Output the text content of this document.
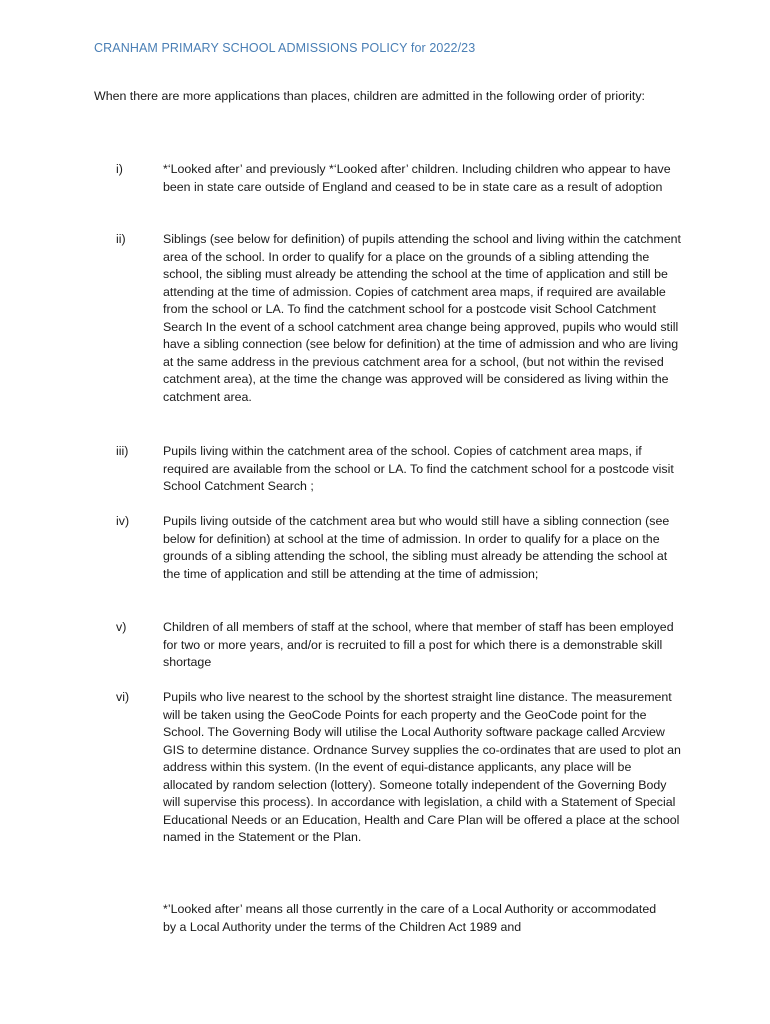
CRANHAM PRIMARY SCHOOL ADMISSIONS POLICY for 2022/23
When there are more applications than places, children are admitted in the following order of priority:
i)	*‘Looked after’ and previously *‘Looked after’ children. Including children who appear to have been in state care outside of England and ceased to be in state care as a result of adoption
ii)	Siblings (see below for definition) of pupils attending the school and living within the catchment area of the school. In order to qualify for a place on the grounds of a sibling attending the school, the sibling must already be attending the school at the time of application and still be attending at the time of admission. Copies of catchment area maps, if required are available from the school or LA. To find the catchment school for a postcode visit School Catchment Search In the event of a school catchment area change being approved, pupils who would still have a sibling connection (see below for definition) at the time of admission and who are living at the same address in the previous catchment area for a school, (but not within the revised catchment area), at the time the change was approved will be considered as living within the catchment area.
iii)	Pupils living within the catchment area of the school. Copies of catchment area maps, if required are available from the school or LA. To find the catchment school for a postcode visit School Catchment Search ;
iv)	Pupils living outside of the catchment area but who would still have a sibling connection (see below for definition) at school at the time of admission. In order to qualify for a place on the grounds of a sibling attending the school, the sibling must already be attending the school at the time of application and still be attending at the time of admission;
v)	Children of all members of staff at the school, where that member of staff has been employed for two or more years, and/or is recruited to fill a post for which there is a demonstrable skill shortage
vi)	Pupils who live nearest to the school by the shortest straight line distance. The measurement will be taken using the GeoCode Points for each property and the GeoCode point for the School. The Governing Body will utilise the Local Authority software package called Arcview GIS to determine distance. Ordnance Survey supplies the co-ordinates that are used to plot an address within this system. (In the event of equi-distance applicants, any place will be allocated by random selection (lottery). Someone totally independent of the Governing Body will supervise this process). In accordance with legislation, a child with a Statement of Special Educational Needs or an Education, Health and Care Plan will be offered a place at the school named in the Statement or the Plan.
*’Looked after’ means all those currently in the care of a Local Authority or accommodated by a Local Authority under the terms of the Children Act 1989 and
